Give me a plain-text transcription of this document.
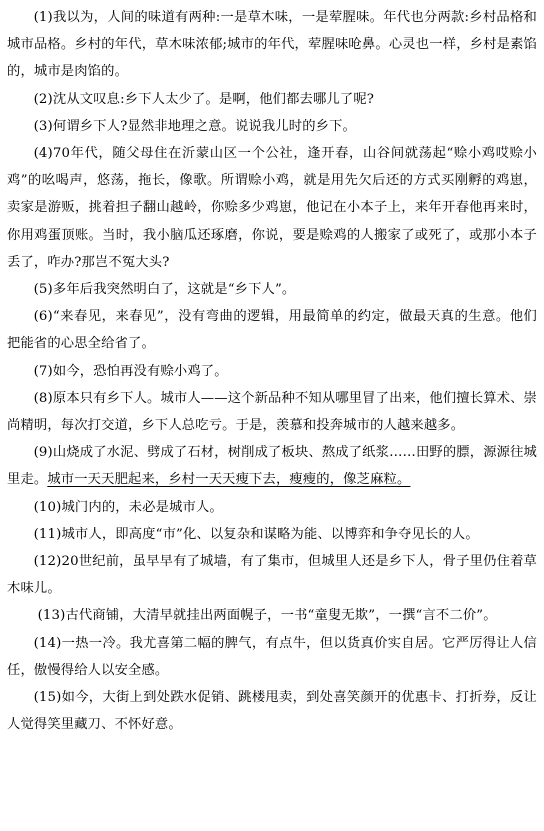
(1)我以为，人间的味道有两种:一是草木味，一是荤腥味。年代也分两款:乡村品格和城市品格。乡村的年代，草木味浓郁;城市的年代，荤腥味呛鼻。心灵也一样，乡村是素馅的，城市是肉馅的。

(2)沈从文叹息:乡下人太少了。是啊，他们都去哪儿了呢?

(3)何谓乡下人?显然非地理之意。说说我儿时的乡下。

(4)70年代，随父母住在沂蒙山区一个公社，逢开春，山谷间就荡起“赊小鸡哎赊小鸡”的吆喝声，悠荡，拖长，像歌。所谓赊小鸡，就是用先欠后还的方式买刚孵的鸡崽，卖家是游贩，挑着担子翻山越岭，你赊多少鸡崽，他记在小本子上，来年开春他再来时，你用鸡蛋顶账。当时，我小脑瓜还琢磨，你说，要是赊鸡的人搬家了或死了，或那小本子丢了，咋办?那岂不冤大头?

(5)多年后我突然明白了，这就是“乡下人”。

(6)“来春见，来春见”，没有弯曲的逻辑，用最简单的约定，做最天真的生意。他们把能省的心思全给省了。

(7)如今，恐怕再没有赊小鸡了。

(8)原本只有乡下人。城市人——这个新品种不知从哪里冒了出来，他们擅长算术、崇尚精明，每次打交道，乡下人总吃亏。于是，羡慕和投奔城市的人越来越多。

(9)山烧成了水泥、劈成了石材，树削成了板块、熬成了纸浆……田野的膘，源源往城里走。城市一天天肥起来，乡村一天天瘦下去，瘦瘦的，像芝麻粒。

(10)城门内的，未必是城市人。

(11)城市人，即高度“市”化、以复杂和谋略为能、以博弈和争夺见长的人。

(12)20世纪前，虽早早有了城墙，有了集市，但城里人还是乡下人，骨子里仍住着草木味儿。

(13)古代商铺，大清早就挂出两面幌子，一书“童叟无欺”，一撰“言不二价”。

(14)一热一冷。我尤喜第二幅的脾气，有点牛，但以货真价实自居。它严厉得让人信任，傲慢得给人以安全感。

(15)如今，大街上到处跌水促销、跳楼甩卖，到处喜笑颜开的优惠卡、打折券，反让人觉得笑里藏刀、不怀好意。
